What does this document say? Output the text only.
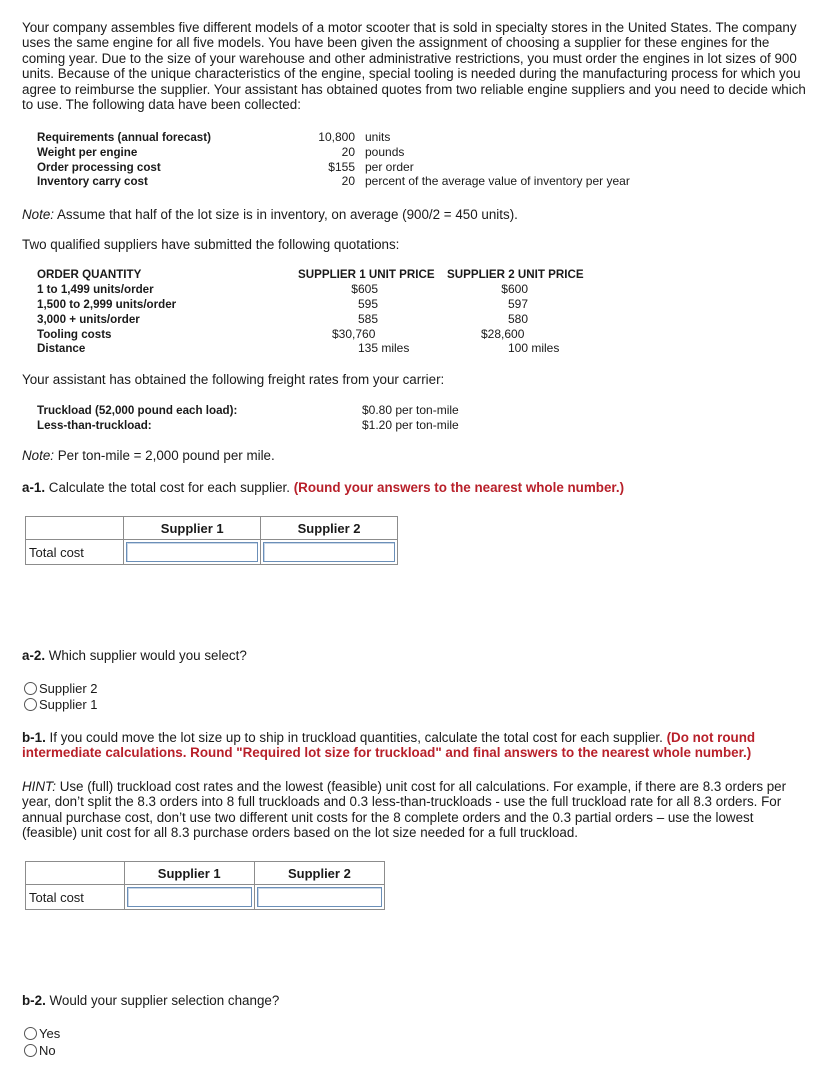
Your company assembles five different models of a motor scooter that is sold in specialty stores in the United States. The company uses the same engine for all five models. You have been given the assignment of choosing a supplier for these engines for the coming year. Due to the size of your warehouse and other administrative restrictions, you must order the engines in lot sizes of 900 units. Because of the unique characteristics of the engine, special tooling is needed during the manufacturing process for which you agree to reimburse the supplier. Your assistant has obtained quotes from two reliable engine suppliers and you need to decide which to use. The following data have been collected:

Requirements (annual forecast)	10,800 units
Weight per engine	20 pounds
Order processing cost	$155 per order
Inventory carry cost	20 percent of the average value of inventory per year
Note: Assume that half of the lot size is in inventory, on average (900/2 = 450 units).
Two qualified suppliers have submitted the following quotations:
ORDER QUANTITY	SUPPLIER 1 UNIT PRICE SUPPLIER 2 UNIT PRICE
1 to 1,499 units/order	$605	$600
1,500 to 2,999 units/order	595	597
3,000 + units/order	585	580
Tooling costs	$30,760	$28,600
Distance	135 miles	100 miles
Your assistant has obtained the following freight rates from your carrier:
Truckload (52,000 pound each load):	$0.80 per ton-mile
Less-than-truckload:	$1.20 per ton-mile
Note: Per ton-mile = 2,000 pound per mile.
a-1. Calculate the total cost for each supplier. (Round your answers to the nearest whole number.)
	Supplier 1	Supplier 2
Total cost	

a-2. Which supplier would you select?
Supplier 2
Supplier 1

b-1. If you could move the lot size up to ship in truckload quantities, calculate the total cost for each supplier. (Do not round intermediate calculations. Round "Required lot size for truckload" and final answers to the nearest whole number.)

HINT: Use (full) truckload cost rates and the lowest (feasible) unit cost for all calculations. For example, if there are 8.3 orders per year, don’t split the 8.3 orders into 8 full truckloads and 0.3 less-than-truckloads - use the full truckload rate for all 8.3 orders. For annual purchase cost, don’t use two different unit costs for the 8 complete orders and the 0.3 partial orders – use the lowest (feasible) unit cost for all 8.3 purchase orders based on the lot size needed for a full truckload.

	Supplier 1	Supplier 2
Total cost	

b-2. Would your supplier selection change?
Yes
No
